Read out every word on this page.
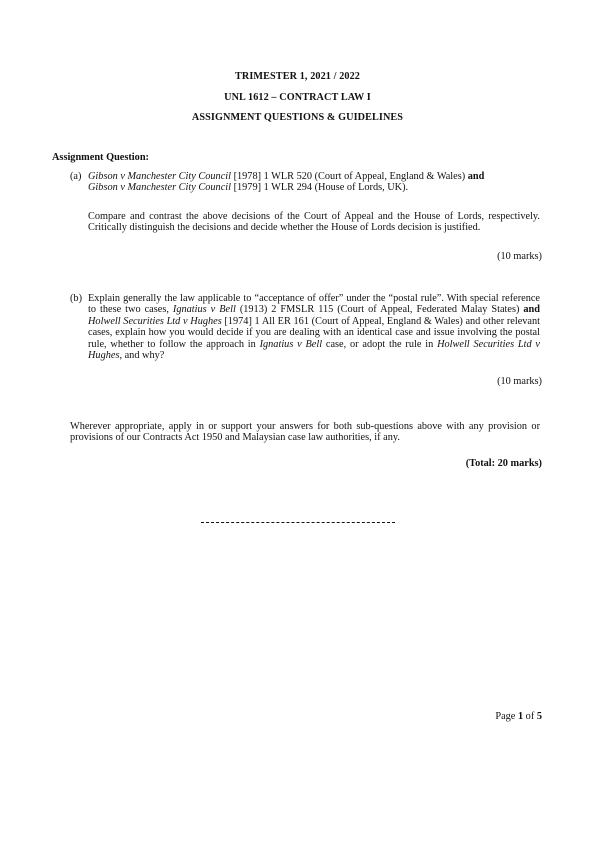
TRIMESTER 1, 2021 / 2022
UNL 1612 – CONTRACT LAW I
ASSIGNMENT QUESTIONS & GUIDELINES
Assignment Question:
(a) Gibson v Manchester City Council [1978] 1 WLR 520 (Court of Appeal, England & Wales) and
Gibson v Manchester City Council [1979] 1 WLR 294 (House of Lords, UK).
Compare and contrast the above decisions of the Court of Appeal and the House of Lords, respectively. Critically distinguish the decisions and decide whether the House of Lords decision is justified.
(10 marks)
(b) Explain generally the law applicable to “acceptance of offer” under the “postal rule”. With special reference to these two cases, Ignatius v Bell (1913) 2 FMSLR 115 (Court of Appeal, Federated Malay States) and Holwell Securities Ltd v Hughes [1974] 1 All ER 161 (Court of Appeal, England & Wales) and other relevant cases, explain how you would decide if you are dealing with an identical case and issue involving the postal rule, whether to follow the approach in Ignatius v Bell case, or adopt the rule in Holwell Securities Ltd v Hughes, and why?
(10 marks)
Wherever appropriate, apply in or support your answers for both sub-questions above with any provision or provisions of our Contracts Act 1950 and Malaysian case law authorities, if any.
(Total: 20 marks)
Page 1 of 5
